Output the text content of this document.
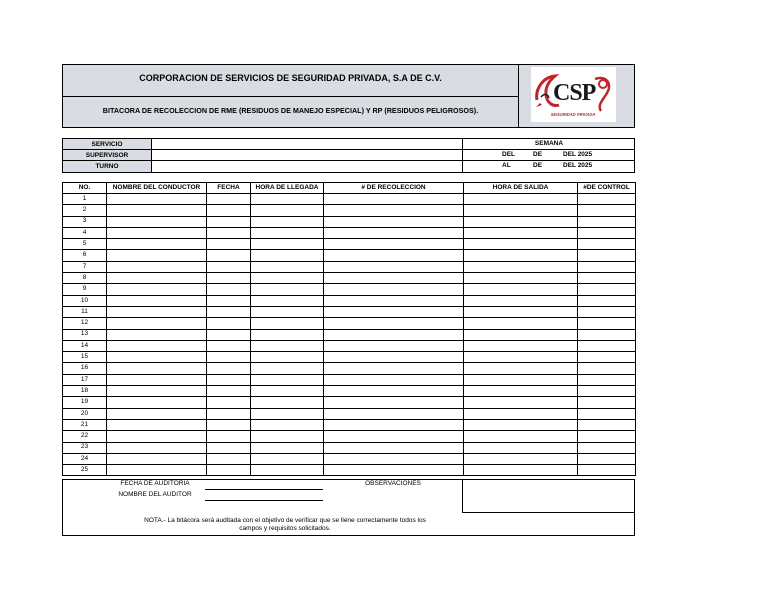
CORPORACION DE SERVICIOS DE SEGURIDAD PRIVADA, S.A DE C.V.
BITACORA DE RECOLECCION DE RME (RESIDUOS DE MANEJO ESPECIAL) Y RP (RESIDUOS PELIGROSOS).
CSP
SEGURIDAD PRIVADA
SERVICIO
SUPERVISOR
TURNO
SEMANA
DEL	DE	DEL 2025
AL	DE	DEL 2025
NO.	NOMBRE DEL CONDUCTOR	FECHA	HORA DE LLEGADA	# DE RECOLECCION	HORA DE SALIDA	#DE CONTROL
1						
2						
3						
4						
5						
6						
7						
8						
9						
10						
11						
12						
13						
14						
15						
16						
17						
18						
19						
20						
21						
22						
23						
24						
25						
FECHA DE AUDITORIA
NOMBRE DEL AUDITOR
OBSERVACIONES
NOTA.- La bitácora será auditada con el objetivo de verificar que se llene correctamente todos los
campos y requisitos solicitados.
